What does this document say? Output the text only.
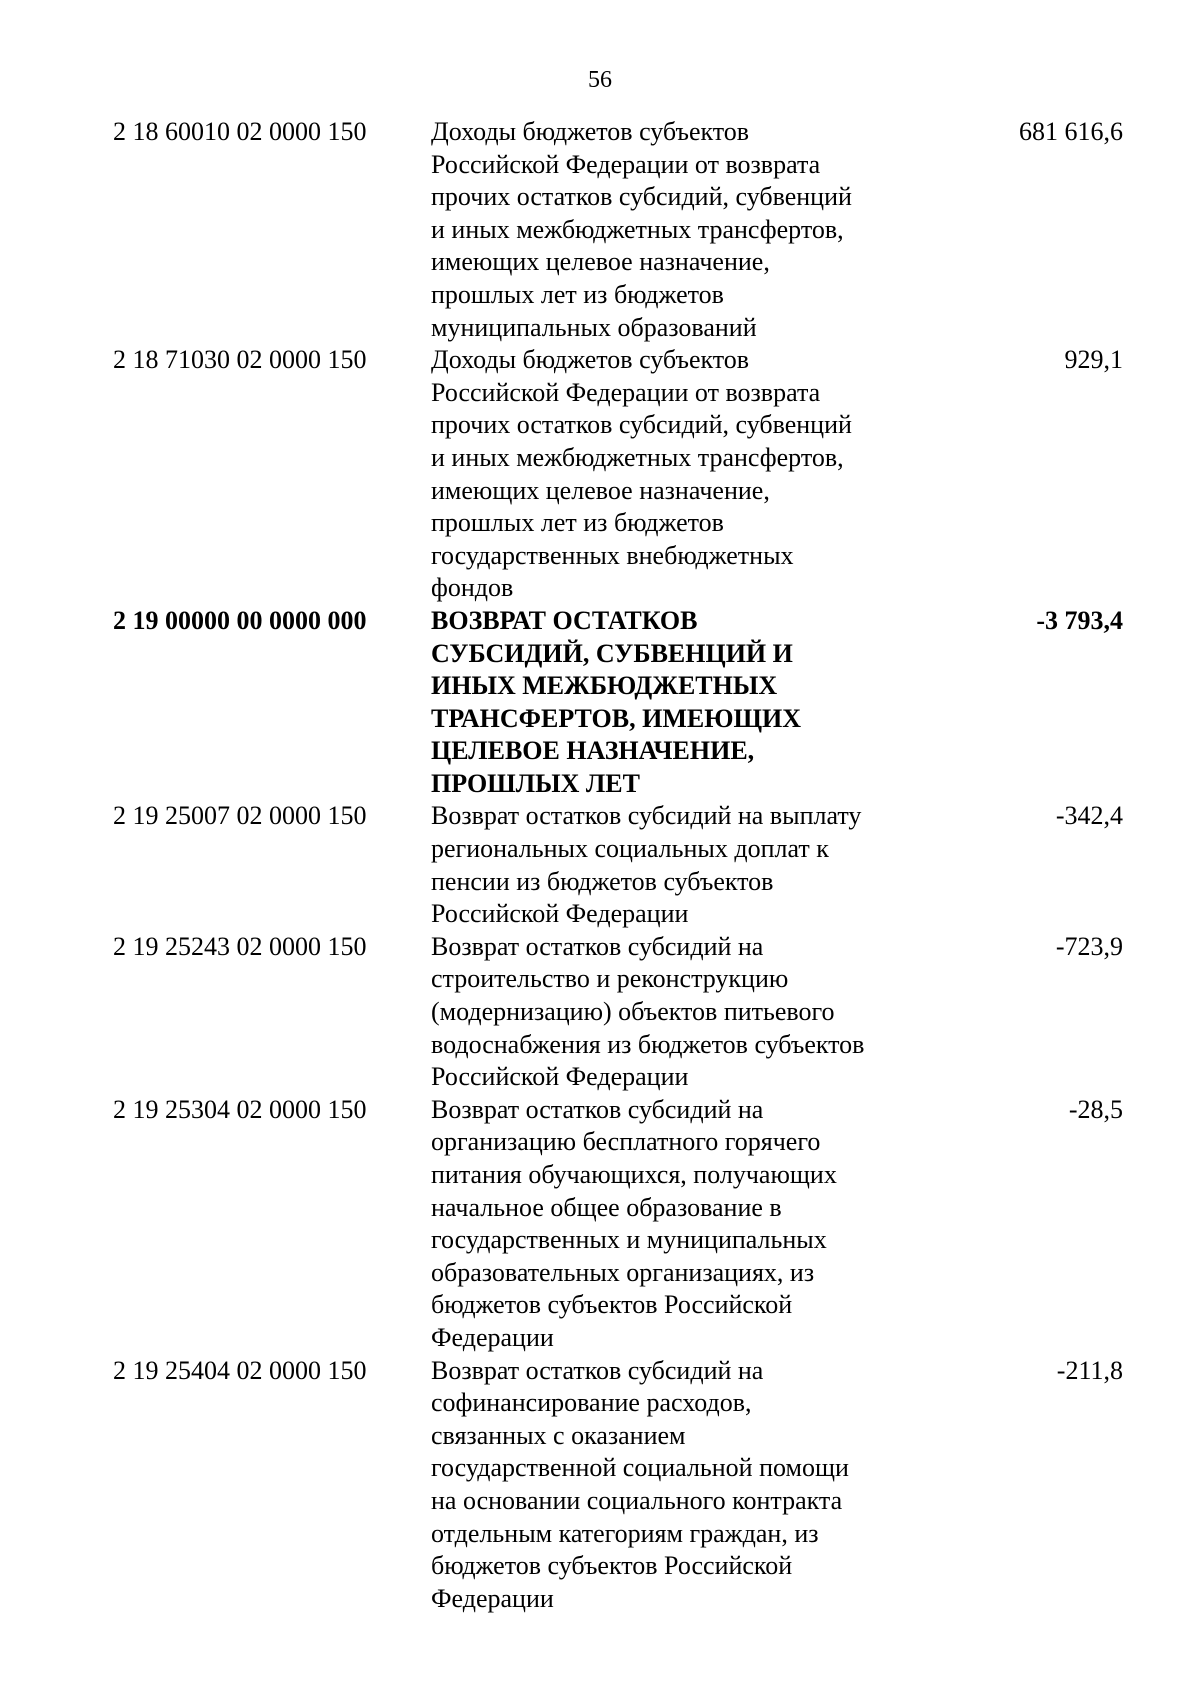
56
2 18 60010 02 0000 150	Доходы бюджетов субъектов
Российской Федерации от возврата
прочих остатков субсидий, субвенций
и иных межбюджетных трансфертов,
имеющих целевое назначение,
прошлых лет из бюджетов
муниципальных образований
681 616,6
2 18 71030 02 0000 150	Доходы бюджетов субъектов
Российской Федерации от возврата
прочих остатков субсидий, субвенций
и иных межбюджетных трансфертов,
имеющих целевое назначение,
прошлых лет из бюджетов
государственных внебюджетных
фондов
929,1
2 19 00000 00 0000 000	ВОЗВРАТ ОСТАТКОВ
СУБСИДИЙ, СУБВЕНЦИЙ И
ИНЫХ МЕЖБЮДЖЕТНЫХ
ТРАНСФЕРТОВ, ИМЕЮЩИХ
ЦЕЛЕВОЕ НАЗНАЧЕНИЕ,
ПРОШЛЫХ ЛЕТ
-3 793,4
2 19 25007 02 0000 150	Возврат остатков субсидий на выплату
региональных социальных доплат к
пенсии из бюджетов субъектов
Российской Федерации
-342,4
2 19 25243 02 0000 150	Возврат остатков субсидий на
строительство и реконструкцию
(модернизацию) объектов питьевого
водоснабжения из бюджетов субъектов
Российской Федерации
-723,9
2 19 25304 02 0000 150	Возврат остатков субсидий на
организацию бесплатного горячего
питания обучающихся, получающих
начальное общее образование в
государственных и муниципальных
образовательных организациях, из
бюджетов субъектов Российской
Федерации
-28,5
2 19 25404 02 0000 150	Возврат остатков субсидий на
софинансирование расходов,
связанных с оказанием
государственной социальной помощи
на основании социального контракта
отдельным категориям граждан, из
бюджетов субъектов Российской
Федерации
-211,8
